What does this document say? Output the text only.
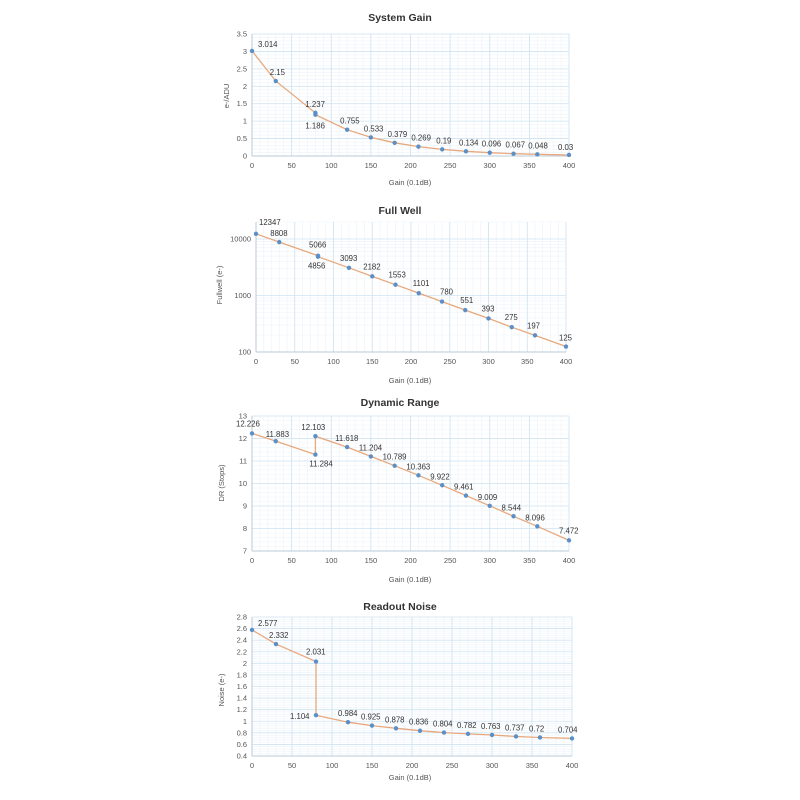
System Gain
Gain (0.1dB)
e-/ADU
0	50	100	150	200	250	300	350	400
0
0.5
1
1.5
2
2.5
3
3.5
3.014
2.15
1.237
1.186
0.755
0.533
0.379 0.269 0.19 0.134 0.096 0.067 0.048 0.03
Full Well
Gain (0.1dB)
Fullwell (e-)
0	50	100	150	200	250	300	350	400
100
1000
10000
12347
8808
5066
4856
3093
2182
1553
1101
780
551
393
275
197
125
Dynamic Range
Gain (0.1dB)
DR (Stops)
0	50	100	150	200	250	300	350	400
7
8
9
10
11
12
13
12.226
11.883
11.284
12.103
11.618
11.204
10.789
10.363
9.922
9.461
9.009
8.544
8.096
7.472
Readout Noise
Gain (0.1dB)
Noise (e-)
0	50	100	150	200	250	300	350	400
0.4
0.6
0.8
1
1.2
1.4
1.6
1.8
2
2.2
2.4
2.6
2.8
2.577
2.332
2.031
1.104	0.984 0.925 0.878 0.836 0.804 0.782 0.763 0.737 0.72 0.704
